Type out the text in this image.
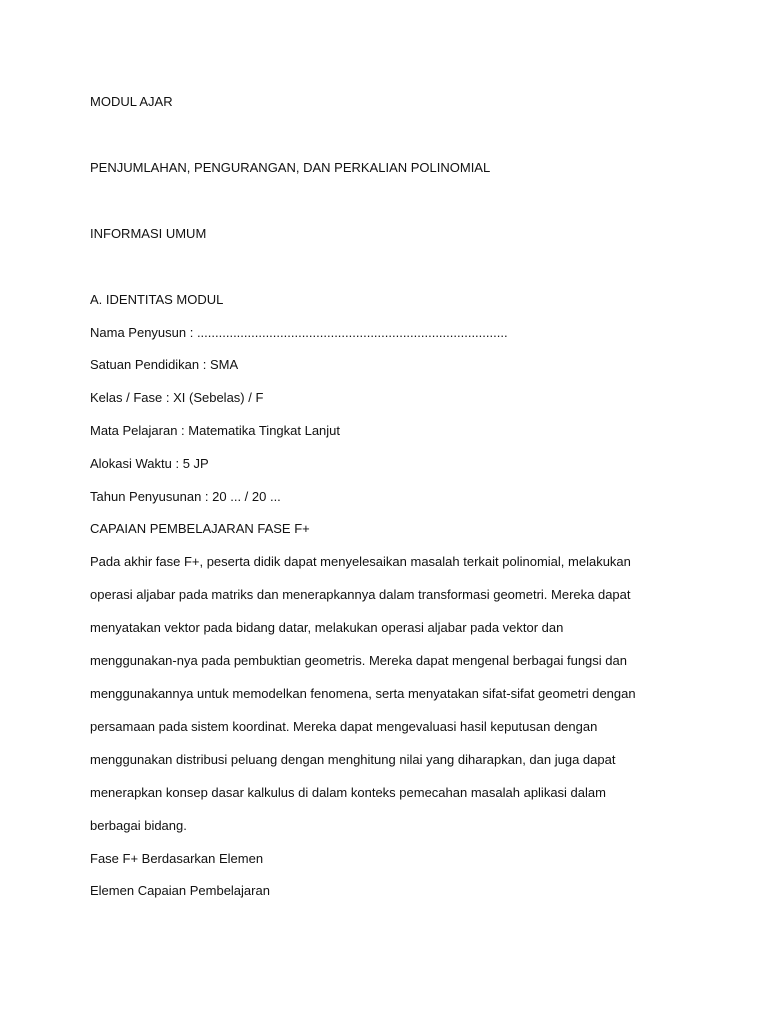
MODUL AJAR

PENJUMLAHAN, PENGURANGAN, DAN PERKALIAN POLINOMIAL

INFORMASI UMUM

A. IDENTITAS MODUL

Nama Penyusun : ......................................................................................

Satuan Pendidikan : SMA

Kelas / Fase : XI (Sebelas) / F

Mata Pelajaran : Matematika Tingkat Lanjut

Alokasi Waktu : 5 JP

Tahun Penyusunan : 20 ... / 20 ...

CAPAIAN PEMBELAJARAN FASE F+

Pada akhir fase F+, peserta didik dapat menyelesaikan masalah terkait polinomial, melakukan

operasi aljabar pada matriks dan menerapkannya dalam transformasi geometri. Mereka dapat

menyatakan vektor pada bidang datar, melakukan operasi aljabar pada vektor dan

menggunakan-nya pada pembuktian geometris. Mereka dapat mengenal berbagai fungsi dan

menggunakannya untuk memodelkan fenomena, serta menyatakan sifat-sifat geometri dengan

persamaan pada sistem koordinat. Mereka dapat mengevaluasi hasil keputusan dengan

menggunakan distribusi peluang dengan menghitung nilai yang diharapkan, dan juga dapat

menerapkan konsep dasar kalkulus di dalam konteks pemecahan masalah aplikasi dalam

berbagai bidang.

Fase F+ Berdasarkan Elemen

Elemen Capaian Pembelajaran
